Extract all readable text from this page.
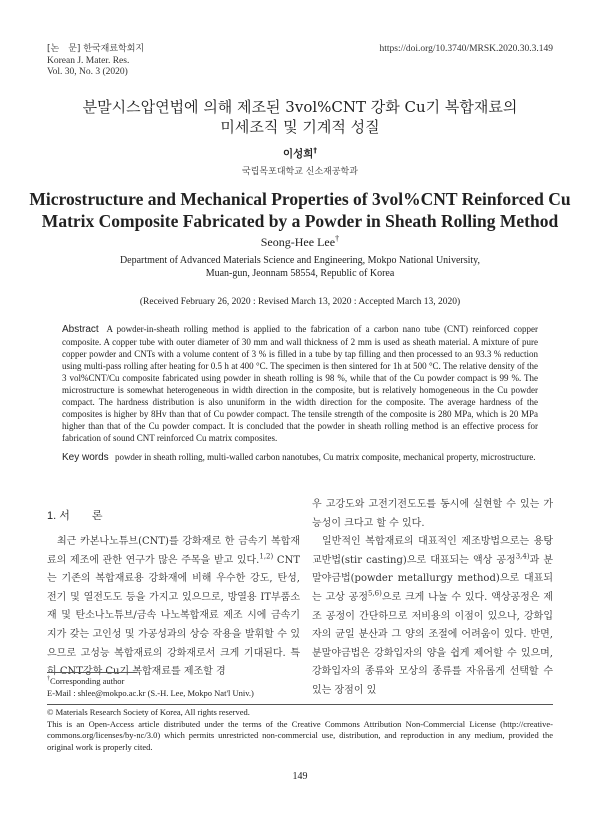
[논　문] 한국재료학회지
Korean J. Mater. Res.
Vol. 30, No. 3 (2020)
https://doi.org/10.3740/MRSK.2020.30.3.149
분말시스압연법에 의해 제조된 3vol%CNT 강화 Cu기 복합재료의
미세조직 및 기계적 성질
이성희†
국립목포대학교 신소재공학과
Microstructure and Mechanical Properties of 3vol%CNT Reinforced Cu
Matrix Composite Fabricated by a Powder in Sheath Rolling Method
Seong-Hee Lee†
Department of Advanced Materials Science and Engineering, Mokpo National University,
Muan-gun, Jeonnam 58554, Republic of Korea
(Received February 26, 2020 : Revised March 13, 2020 : Accepted March 13, 2020)
Abstract A powder-in-sheath rolling method is applied to the fabrication of a carbon nano tube (CNT) reinforced copper composite. A copper tube with outer diameter of 30 mm and wall thickness of 2 mm is used as sheath material. A mixture of pure copper powder and CNTs with a volume content of 3 % is filled in a tube by tap filling and then processed to an 93.3 % reduction using multi-pass rolling after heating for 0.5 h at 400 °C. The specimen is then sintered for 1h at 500 °C. The relative density of the 3 vol%CNT/Cu composite fabricated using powder in sheath rolling is 98 %, while that of the Cu powder compact is 99 %. The microstructure is somewhat heterogeneous in width direction in the composite, but is relatively homogeneous in the Cu powder compact. The hardness distribution is also ununiform in the width direction for the composite. The average hardness of the composites is higher by 8Hv than that of Cu powder compact. The tensile strength of the composite is 280 MPa, which is 20 MPa higher than that of the Cu powder compact. It is concluded that the powder in sheath rolling method is an effective process for fabrication of sound CNT reinforced Cu matrix composites.
Key words powder in sheath rolling, multi-walled carbon nanotubes, Cu matrix composite, mechanical property, microstructure.
1. 서　　론
최근 카본나노튜브(CNT)를 강화재로 한 금속기 복합재료의 제조에 관한 연구가 많은 주목을 받고 있다.$^{1,2)}$ CNT는 기존의 복합재료용 강화재에 비해 우수한 강도, 탄성, 전기 및 열전도도 등을 가지고 있으므로, 방열용 IT부품소재 및 탄소나노튜브/금속 나노복합재료 제조 시에 금속기지가 갖는 고인성 및 가공성과의 상승 작용을 발휘할 수 있으므로 고성능 복합재료의 강화재로서 크게 기대된다. 특히 CNT강화 Cu기 복합재료를 제조할 경
우 고강도와 고전기전도도를 동시에 실현할 수 있는 가능성이 크다고 할 수 있다.
일반적인 복합재료의 대표적인 제조방법으로는 용탕교반법(stir casting)으로 대표되는 액상 공정$^{3,4)}$과 분말야금법(powder metallurgy method)으로 대표되는 고상 공정$^{5,6)}$으로 크게 나눌 수 있다. 액상공정은 제조 공정이 간단하므로 저비용의 이점이 있으나, 강화입자의 균일 분산과 그 양의 조절에 어려움이 있다. 반면, 분말야금법은 강화입자의 양을 쉽게 제어할 수 있으며, 강화입자의 종류와 모상의 종류를 자유롭게 선택할 수 있는 장점이 있
†Corresponding author
E-Mail : shlee@mokpo.ac.kr (S.-H. Lee, Mokpo Nat'l Univ.)
© Materials Research Society of Korea, All rights reserved.
This is an Open-Access article distributed under the terms of the Creative Commons Attribution Non-Commercial License (http://creative-commons.org/licenses/by-nc/3.0) which permits unrestricted non-commercial use, distribution, and reproduction in any medium, provided the original work is properly cited.
149
